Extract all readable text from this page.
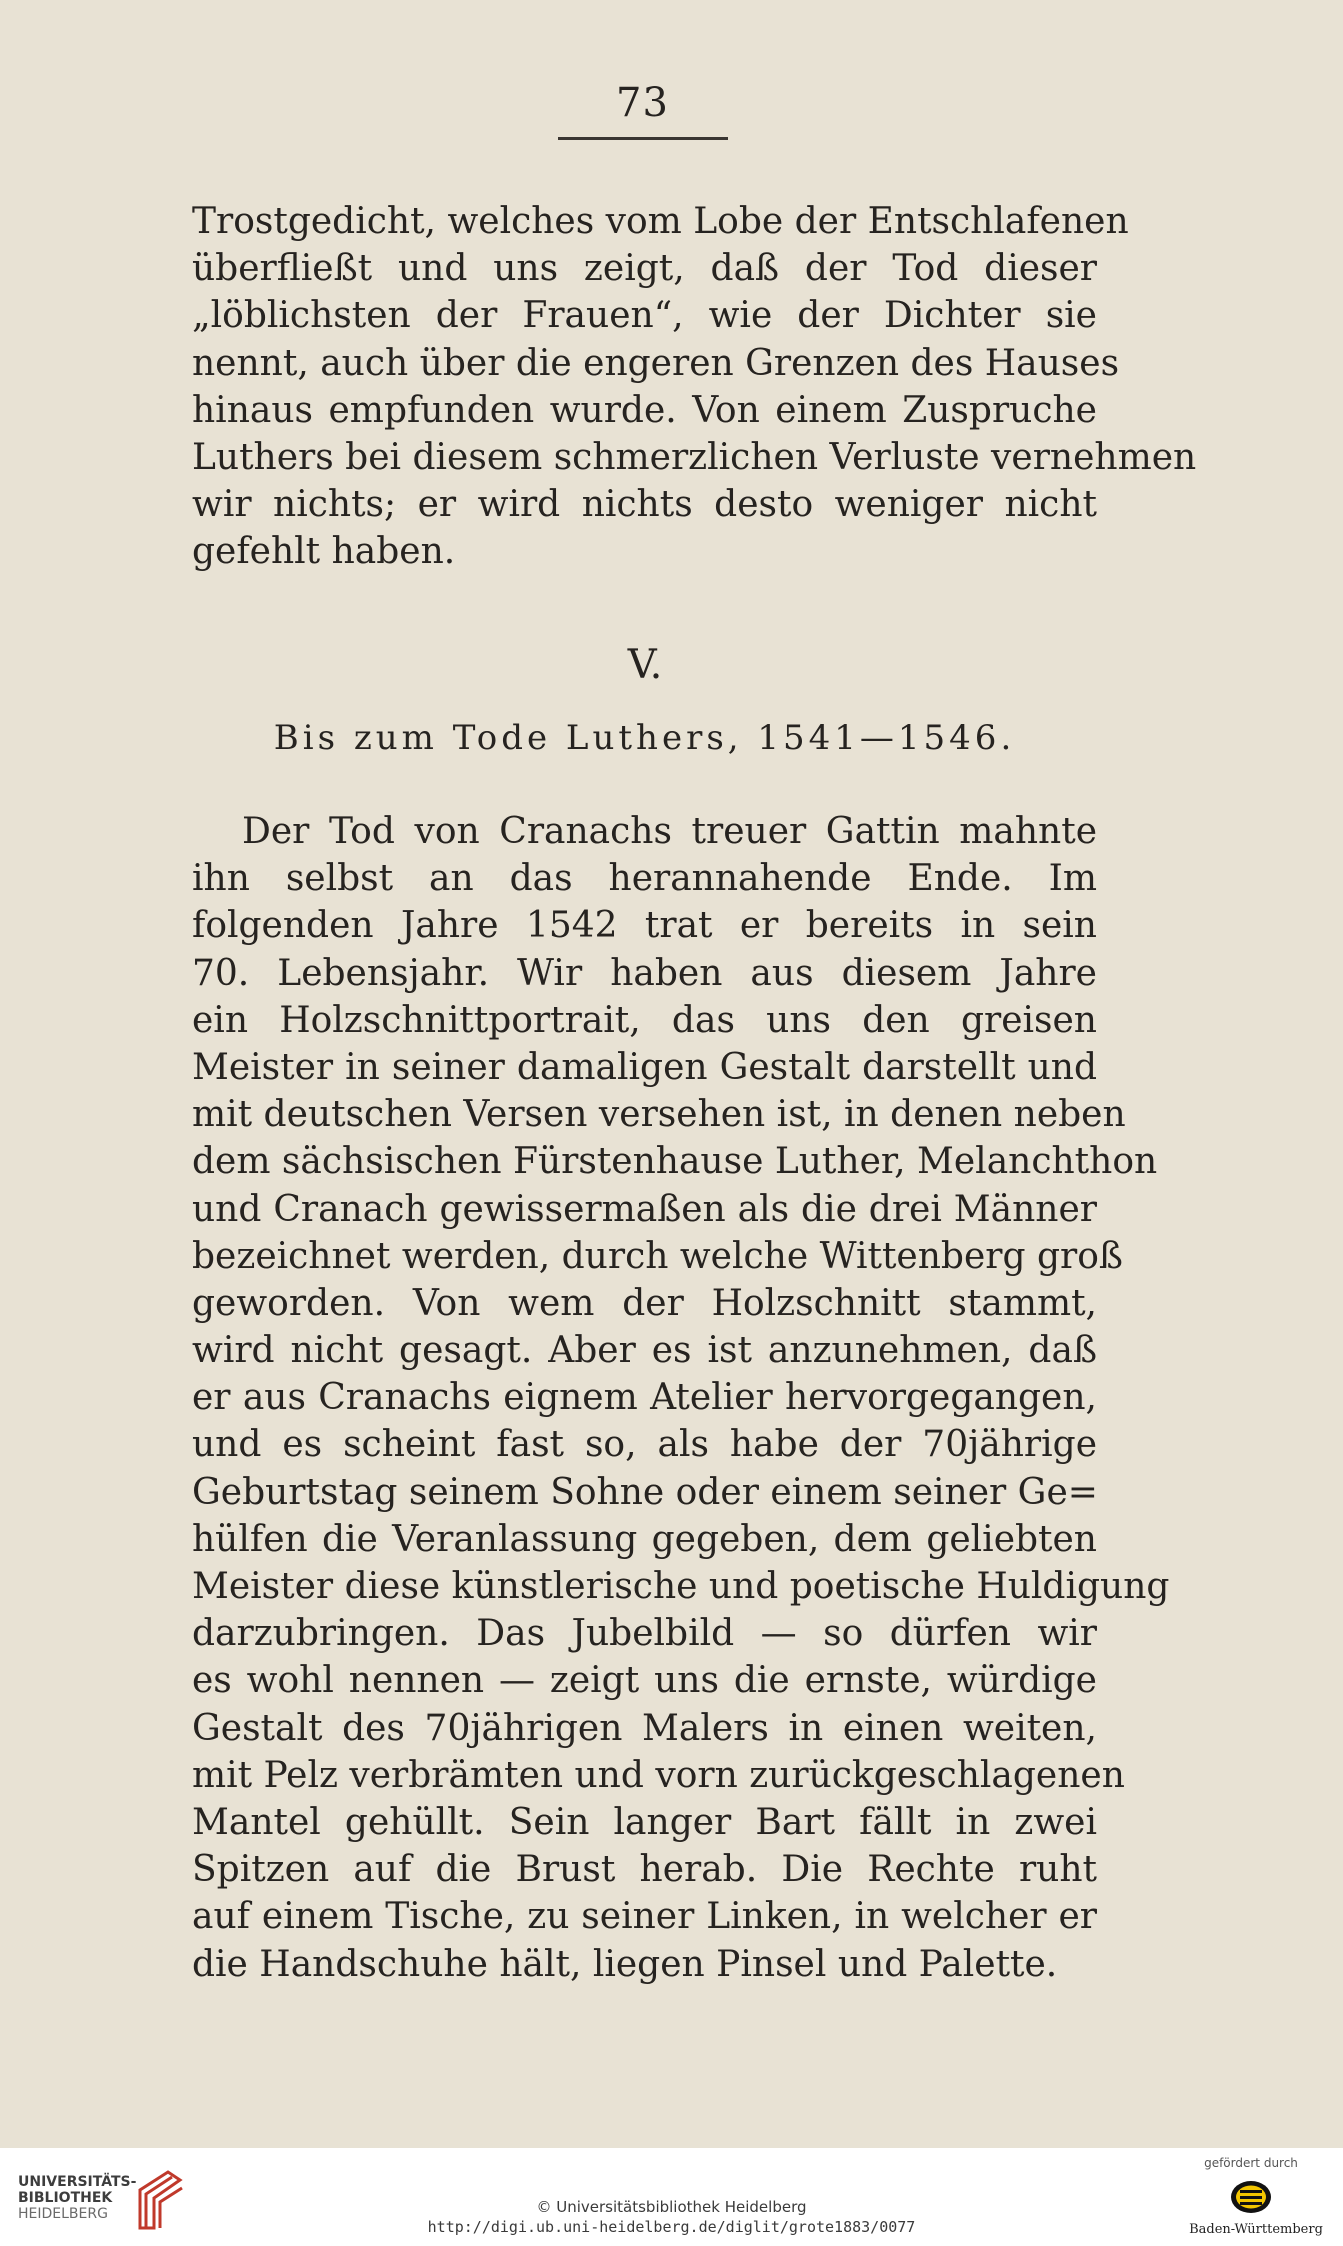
73
Trostgedicht, welches vom Lobe der Entschlafenen
überfließt und uns zeigt, daß der Tod dieser
„löblichsten der Frauen“, wie der Dichter sie
nennt, auch über die engeren Grenzen des Hauses
hinaus empfunden wurde. Von einem Zuspruche
Luthers bei diesem schmerzlichen Verluste vernehmen
wir nichts; er wird nichts desto weniger nicht
gefehlt haben.
V.
Bis zum Tode Luthers, 1541—1546.
Der Tod von Cranachs treuer Gattin mahnte
ihn selbst an das herannahende Ende. Im
folgenden Jahre 1542 trat er bereits in sein
70. Lebensjahr. Wir haben aus diesem Jahre
ein Holzschnittportrait, das uns den greisen
Meister in seiner damaligen Gestalt darstellt und
mit deutschen Versen versehen ist, in denen neben
dem sächsischen Fürstenhause Luther, Melanchthon
und Cranach gewissermaßen als die drei Männer
bezeichnet werden, durch welche Wittenberg groß
geworden. Von wem der Holzschnitt stammt,
wird nicht gesagt. Aber es ist anzunehmen, daß
er aus Cranachs eignem Atelier hervorgegangen,
und es scheint fast so, als habe der 70jährige
Geburtstag seinem Sohne oder einem seiner Ge=
hülfen die Veranlassung gegeben, dem geliebten
Meister diese künstlerische und poetische Huldigung
darzubringen. Das Jubelbild — so dürfen wir
es wohl nennen — zeigt uns die ernste, würdige
Gestalt des 70jährigen Malers in einen weiten,
mit Pelz verbrämten und vorn zurückgeschlagenen
Mantel gehüllt. Sein langer Bart fällt in zwei
Spitzen auf die Brust herab. Die Rechte ruht
auf einem Tische, zu seiner Linken, in welcher er
die Handschuhe hält, liegen Pinsel und Palette.
UNIVERSITÄTS-
BIBLIOTHEK
HEIDELBERG	© Universitätsbibliothek Heidelberg
http://digi.ub.uni-heidelberg.de/diglit/grote1883/0077
gefördert durch
Baden-Württemberg
